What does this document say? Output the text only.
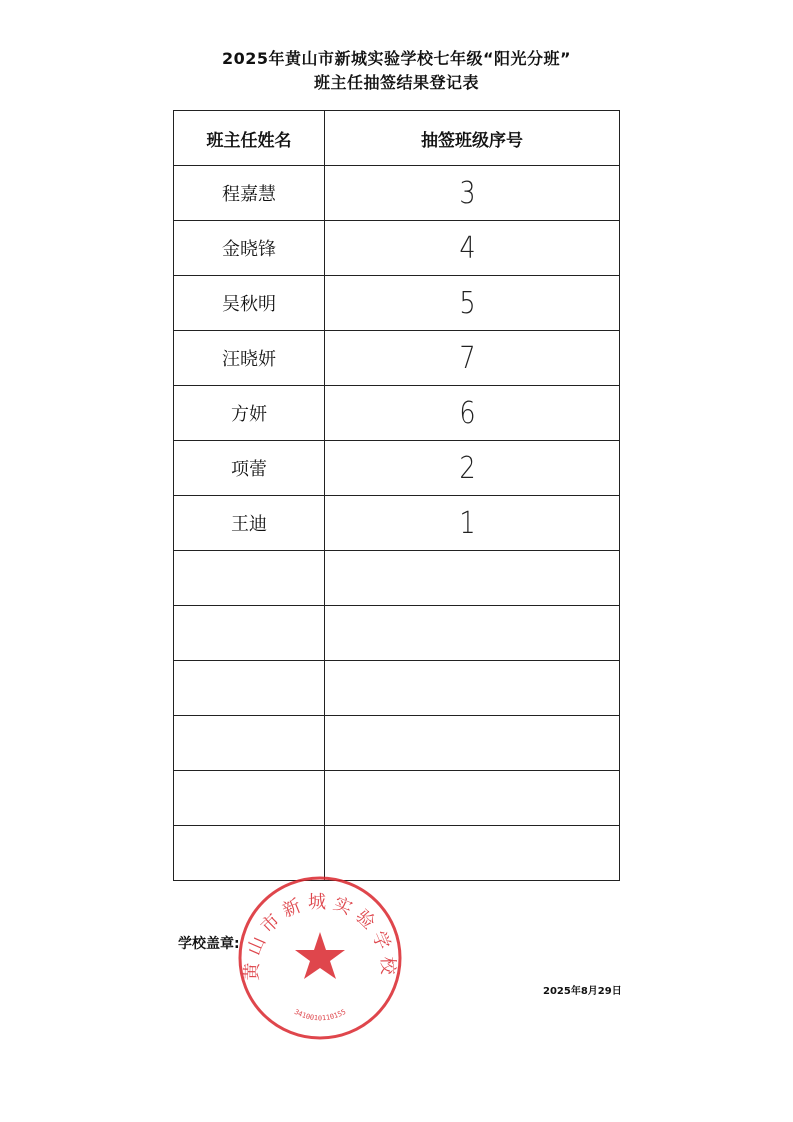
2025年黄山市新城实验学校七年级“阳光分班”
班主任抽签结果登记表
班主任姓名	抽签班级序号
程嘉慧	3
金晓锋	4
吴秋明	5
汪晓妍	7
方妍	6
项蕾	2
王迪	1

学校盖章:
黄山市新城实验学校
3410010110155
2025年8月29日
